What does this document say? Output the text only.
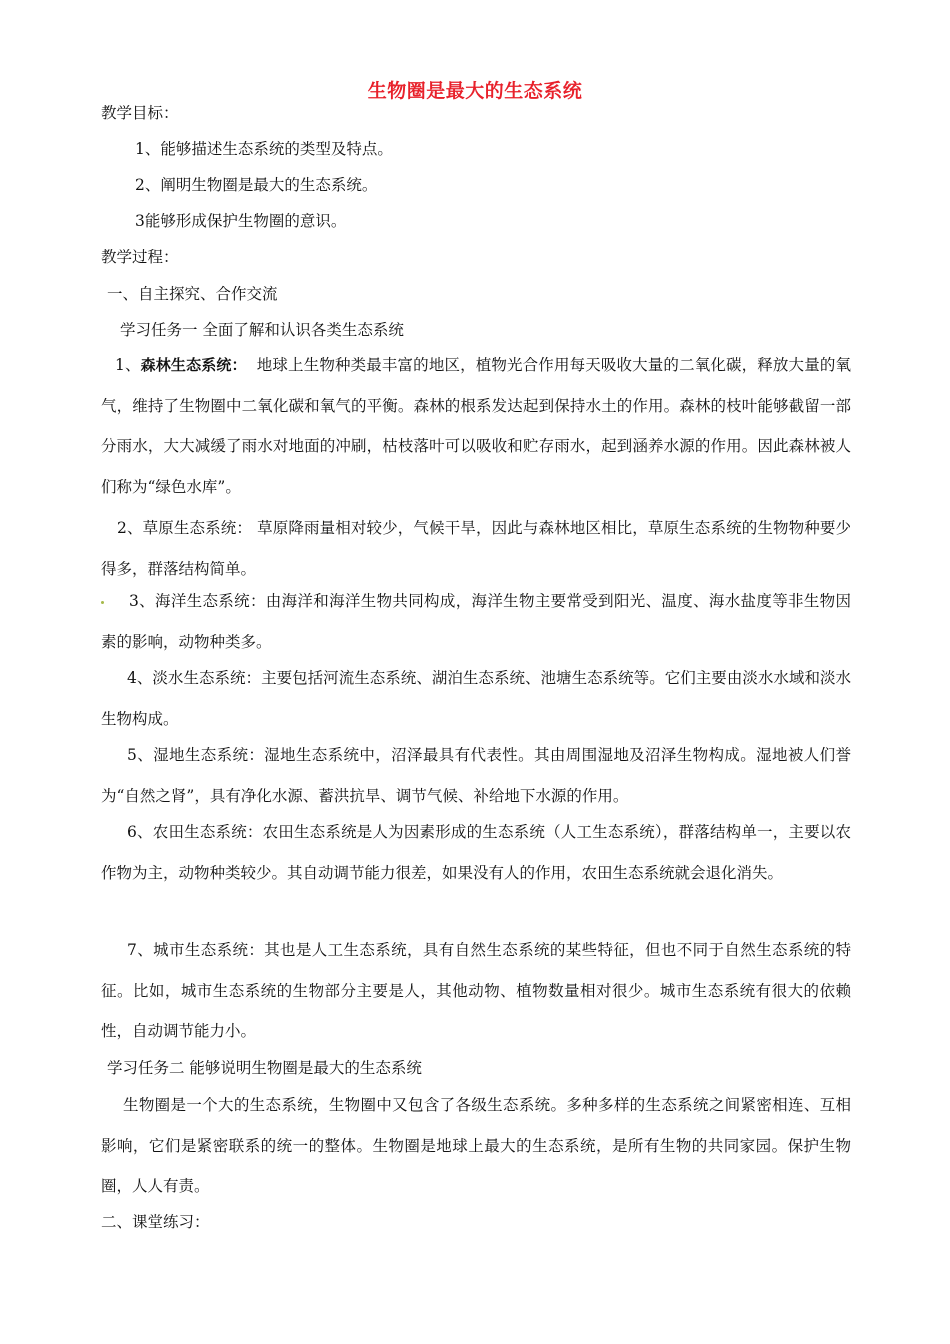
生物圈是最大的生态系统
教学目标：
1、能够描述生态系统的类型及特点。
2、阐明生物圈是最大的生态系统。
3能够形成保护生物圈的意识。
教学过程：
一、自主探究、合作交流
学习任务一 全面了解和认识各类生态系统
1、森林生态系统： 地球上生物种类最丰富的地区，植物光合作用每天吸收大量的二氧化碳，释放大量的氧气，维持了生物圈中二氧化碳和氧气的平衡。森林的根系发达起到保持水土的作用。森林的枝叶能够截留一部分雨水，大大减缓了雨水对地面的冲刷，枯枝落叶可以吸收和贮存雨水，起到涵养水源的作用。因此森林被人们称为“绿色水库”。
2、草原生态系统： 草原降雨量相对较少，气候干旱，因此与森林地区相比，草原生态系统的生物物种要少得多，群落结构简单。
3、海洋生态系统：由海洋和海洋生物共同构成，海洋生物主要常受到阳光、温度、海水盐度等非生物因素的影响，动物种类多。
4、淡水生态系统：主要包括河流生态系统、湖泊生态系统、池塘生态系统等。它们主要由淡水水域和淡水生物构成。
5、湿地生态系统：湿地生态系统中，沼泽最具有代表性。其由周围湿地及沼泽生物构成。湿地被人们誉为“自然之肾”，具有净化水源、蓄洪抗旱、调节气候、补给地下水源的作用。
6、农田生态系统：农田生态系统是人为因素形成的生态系统（人工生态系统），群落结构单一，主要以农作物为主，动物种类较少。其自动调节能力很差，如果没有人的作用，农田生态系统就会退化消失。
7、城市生态系统：其也是人工生态系统，具有自然生态系统的某些特征，但也不同于自然生态系统的特征。比如，城市生态系统的生物部分主要是人，其他动物、植物数量相对很少。城市生态系统有很大的依赖性，自动调节能力小。
学习任务二 能够说明生物圈是最大的生态系统
生物圈是一个大的生态系统，生物圈中又包含了各级生态系统。多种多样的生态系统之间紧密相连、互相影响，它们是紧密联系的统一的整体。生物圈是地球上最大的生态系统，是所有生物的共同家园。保护生物圈，人人有责。
二、课堂练习：
